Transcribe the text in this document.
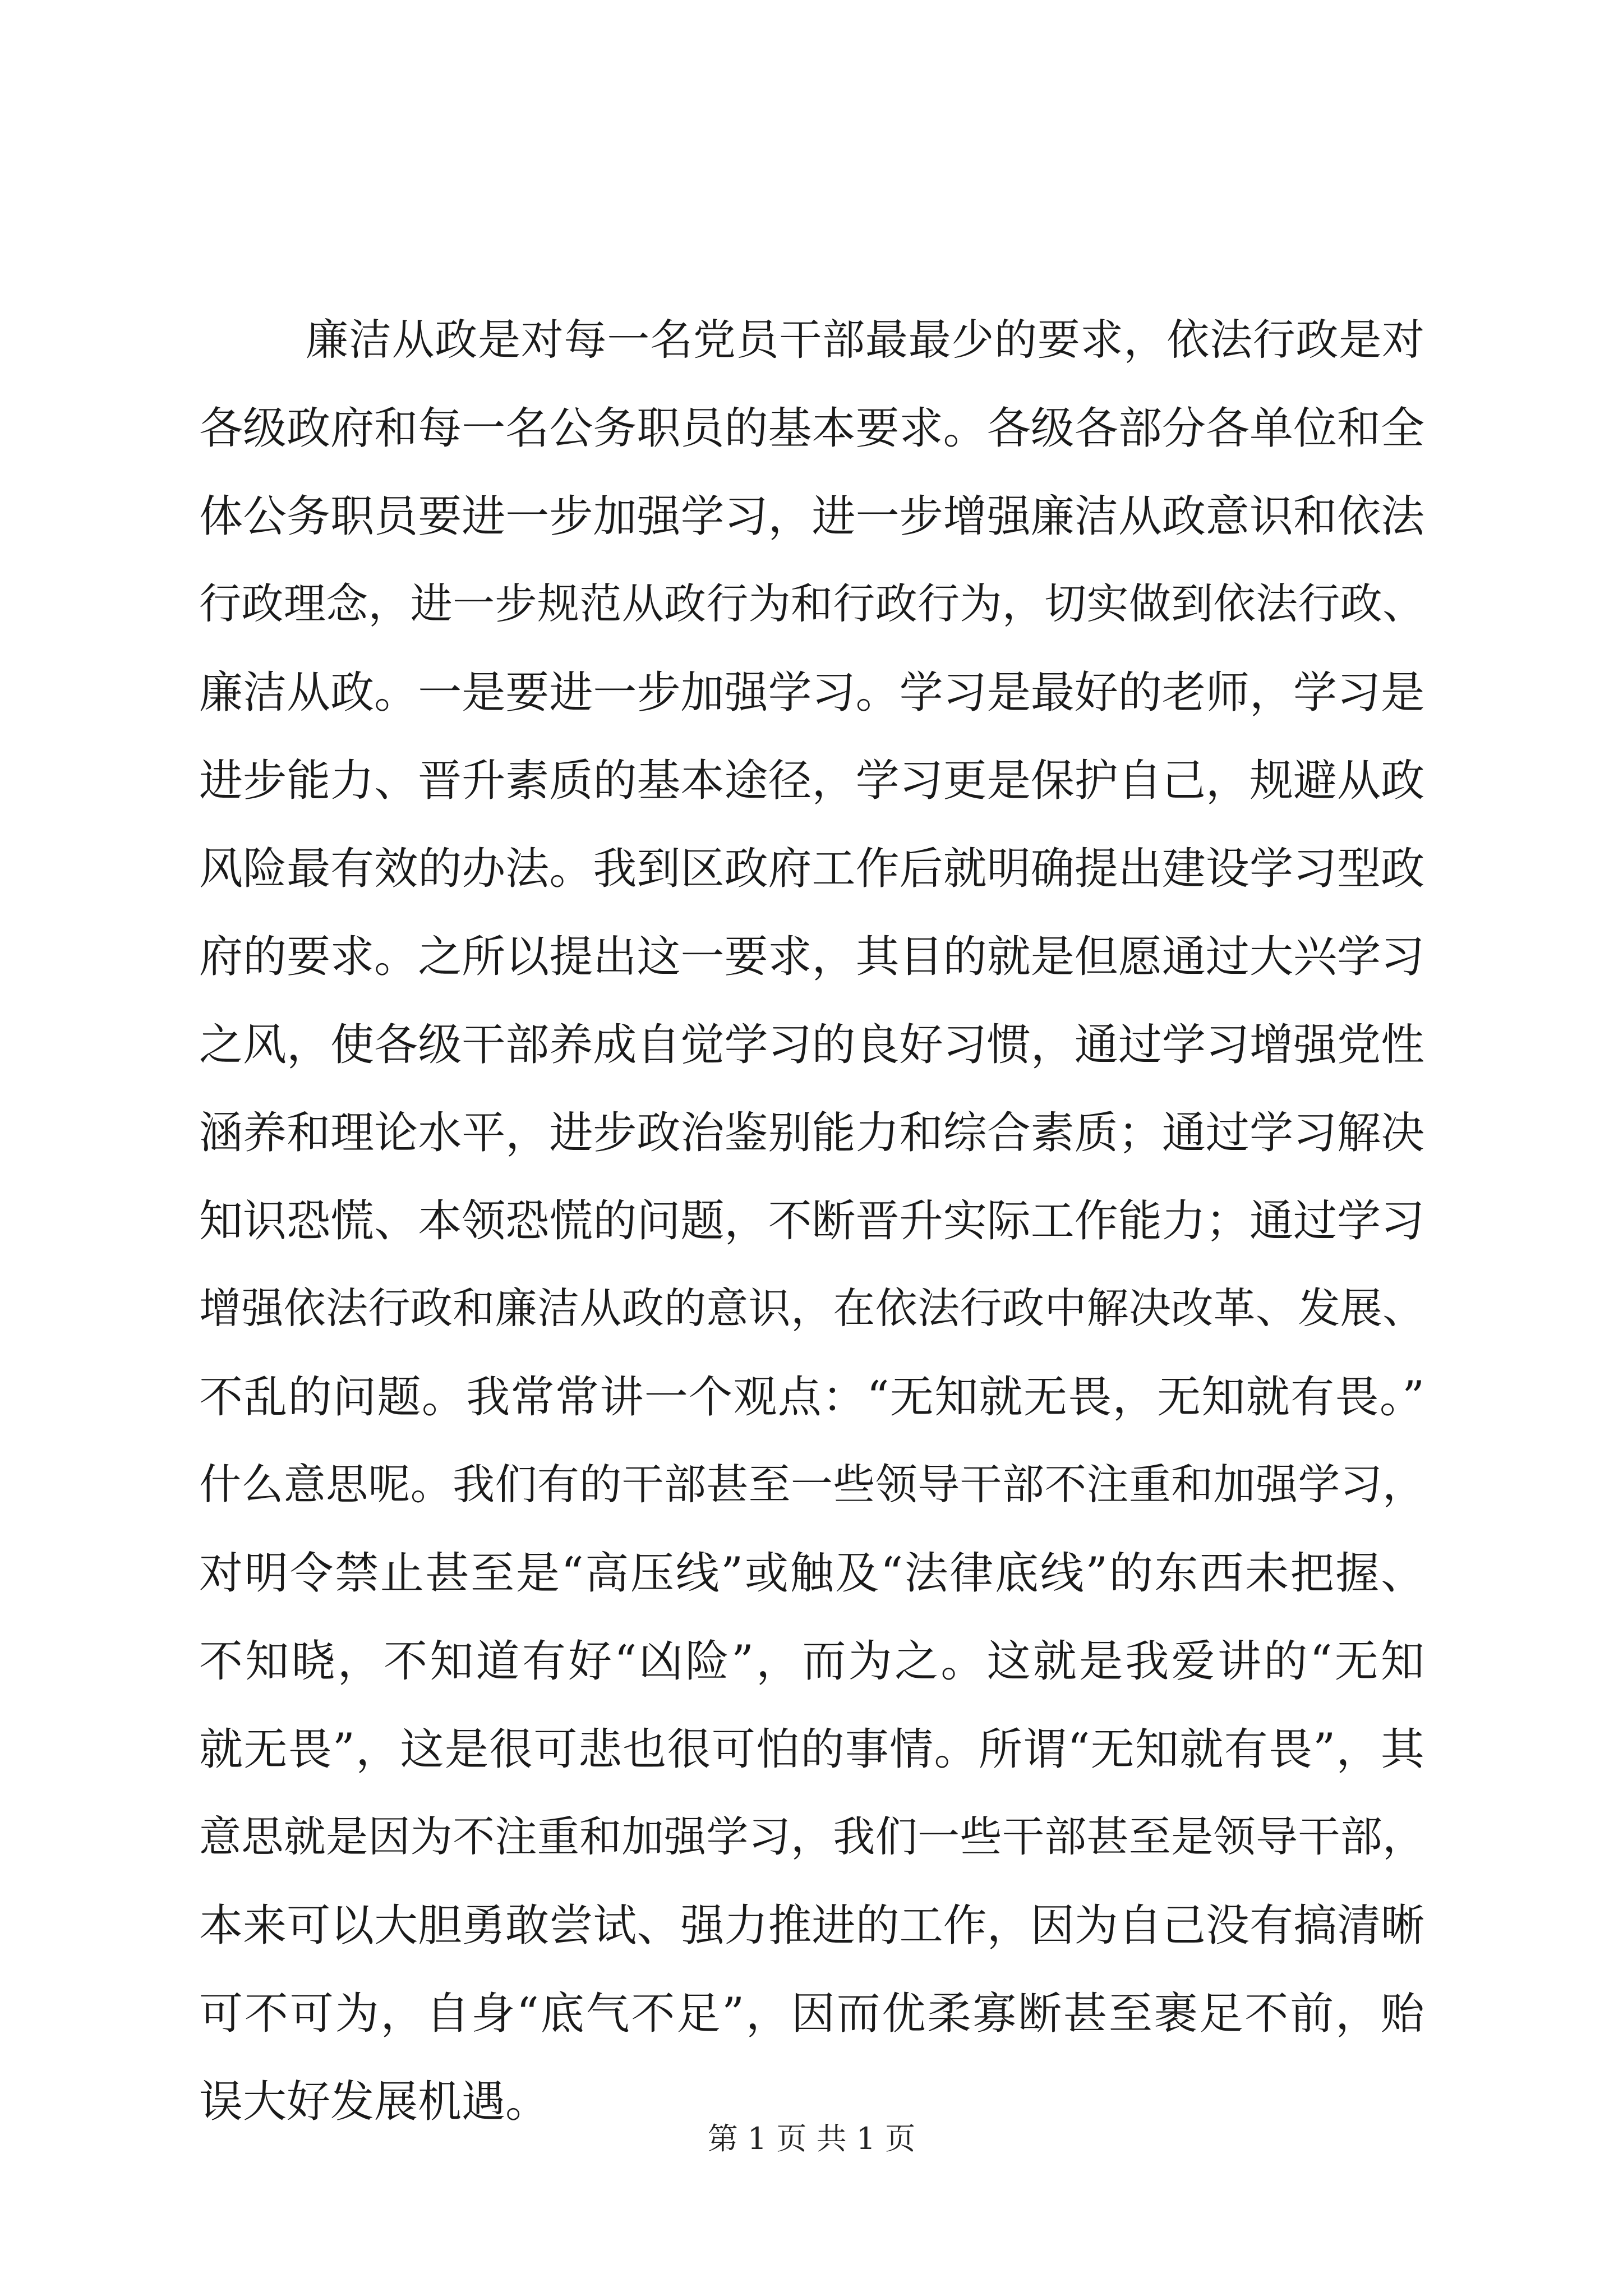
廉洁从政是对每一名党员干部最最少的要求，依法行政是对

各级政府和每一名公务职员的基本要求。各级各部分各单位和全

体公务职员要进一步加强学习，进一步增强廉洁从政意识和依法

行政理念，进一步规范从政行为和行政行为，切实做到依法行政、

廉洁从政。一是要进一步加强学习。学习是最好的老师，学习是

进步能力、晋升素质的基本途径，学习更是保护自己，规避从政

风险最有效的办法。我到区政府工作后就明确提出建设学习型政

府的要求。之所以提出这一要求，其目的就是但愿通过大兴学习

之风，使各级干部养成自觉学习的良好习惯，通过学习增强党性

涵养和理论水平，进步政治鉴别能力和综合素质；通过学习解决

知识恐慌、本领恐慌的问题，不断晋升实际工作能力；通过学习

增强依法行政和廉洁从政的意识，在依法行政中解决改革、发展、

不乱的问题。我常常讲一个观点：“无知就无畏，无知就有畏。”

什么意思呢。我们有的干部甚至一些领导干部不注重和加强学习，

对明令禁止甚至是“高压线”或触及“法律底线”的东西未把握、

不知晓，不知道有好“凶险”，而为之。这就是我爱讲的“无知

就无畏”，这是很可悲也很可怕的事情。所谓“无知就有畏”，其

意思就是因为不注重和加强学习，我们一些干部甚至是领导干部，

本来可以大胆勇敢尝试、强力推进的工作，因为自己没有搞清晰

可不可为，自身“底气不足”，因而优柔寡断甚至裹足不前，贻

误大好发展机遇。

第 1 页 共 1 页
